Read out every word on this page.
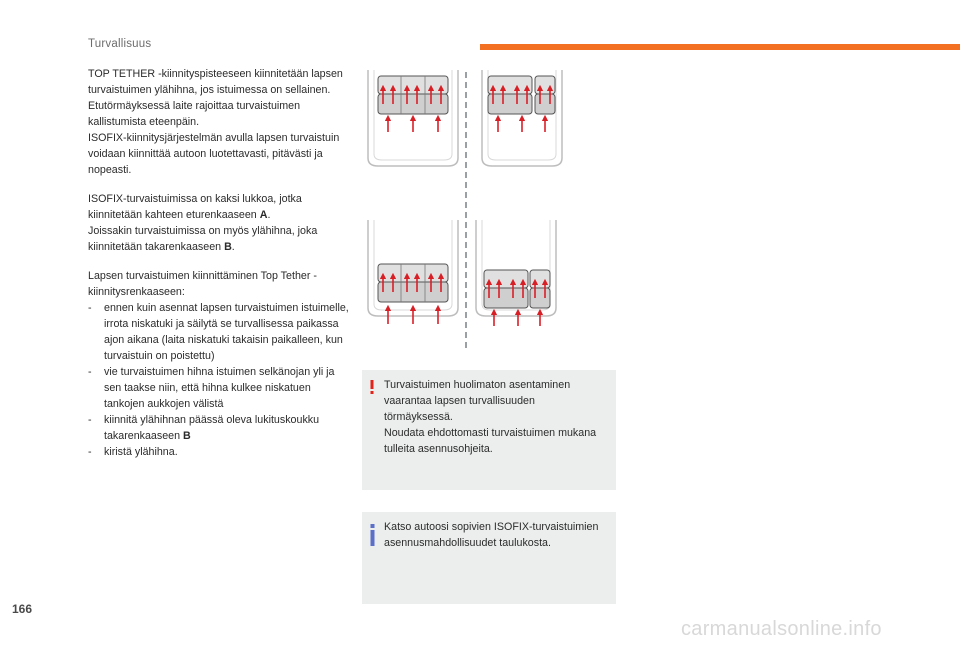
Turvallisuus

TOP TETHER -kiinnityspisteeseen kiinnitetään lapsen turvaistuimen ylähihna, jos istuimessa on sellainen. Etutörmäyksessä laite rajoittaa turvaistuimen kallistumista eteenpäin.

ISOFIX-kiinnitysjärjestelmän avulla lapsen turvaistuin voidaan kiinnittää autoon luotettavasti, pitävästi ja nopeasti.

ISOFIX-turvaistuimissa on kaksi lukkoa, jotka kiinnitetään kahteen eturenkaaseen A.

Joissakin turvaistuimissa on myös ylähihna, joka kiinnitetään takarenkaaseen B.

Lapsen turvaistuimen kiinnittäminen Top Tether -kiinnitysrenkaaseen:

- ennen kuin asennat lapsen turvaistuimen istuimelle, irrota niskatuki ja säilytä se turvallisessa paikassa ajon aikana (laita niskatuki takaisin paikalleen, kun turvaistuin on poistettu)
- vie turvaistuimen hihna istuimen selkänojan yli ja sen taakse niin, että hihna kulkee niskatuen tankojen aukkojen välistä
- kiinnitä ylähihnan päässä oleva lukituskoukku takarenkaaseen B
- kiristä ylähihna.
Turvaistuimen huolimaton asentaminen vaarantaa lapsen turvallisuuden törmäyksessä.
Noudata ehdottomasti turvaistuimen mukana tulleita asennusohjeita.
Katso autoosi sopivien ISOFIX-turvaistuimien asennusmahdollisuudet taulukosta.
166
carmanualsonline.info
